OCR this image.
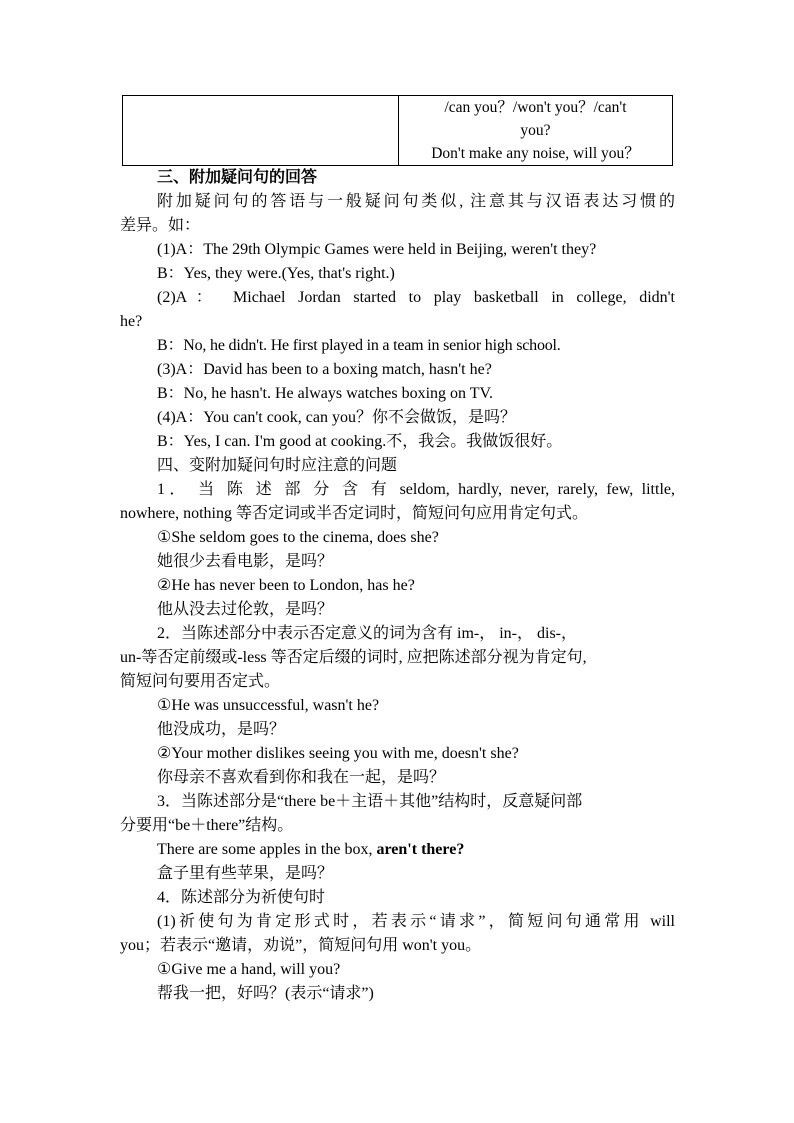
/can you？/won't you？/can't
you?
Don't make any noise, will you？
三、附加疑问句的回答
附加疑问句的答语与一般疑问句类似, 注意其与汉语表达习惯的
差异。如：
(1)A：The 29th Olympic Games were held in Beijing, weren't they?
B：Yes, they were.(Yes, that's right.)
(2)A： Michael Jordan started to play basketball in college, didn't
he?
B：No, he didn't. He first played in a team in senior high school.
(3)A：David has been to a boxing match, hasn't he?
B：No, he hasn't. He always watches boxing on TV.
(4)A：You can't cook, can you？你不会做饭，是吗？
B：Yes, I can. I'm good at cooking.不，我会。我做饭很好。
四、变附加疑问句时应注意的问题
1． 当 陈 述 部 分 含 有 seldom, hardly, never, rarely, few, little,
nowhere, nothing 等否定词或半否定词时，简短问句应用肯定句式。
①She seldom goes to the cinema, does she?
她很少去看电影，是吗？
②He has never been to London, has he?
他从没去过伦敦，是吗？
2．当陈述部分中表示否定意义的词为含有 im-， in-， dis-，
un-等否定前缀或-less 等否定后缀的词时, 应把陈述部分视为肯定句,
简短问句要用否定式。
①He was unsuccessful, wasn't he?
他没成功，是吗？
②Your mother dislikes seeing you with me, doesn't she?
你母亲不喜欢看到你和我在一起，是吗？
3．当陈述部分是“there be＋主语＋其他”结构时，反意疑问部
分要用“be＋there”结构。
There are some apples in the box, aren't there?
盒子里有些苹果，是吗？
4．陈述部分为祈使句时
(1)祈使句为肯定形式时，若表示“请求”，简短问句通常用 will
you；若表示“邀请，劝说”，简短问句用 won't you。
①Give me a hand, will you?
帮我一把，好吗？(表示“请求”)
